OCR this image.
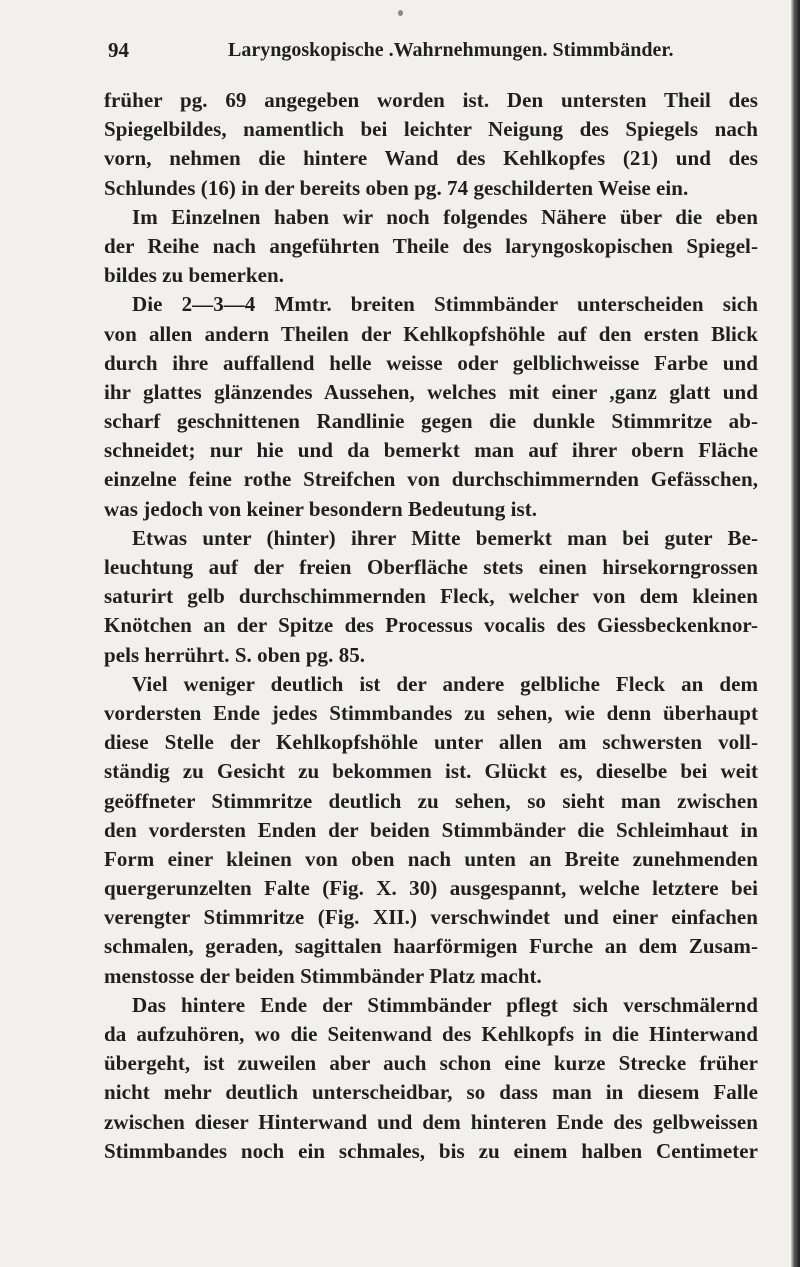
94	Laryngoskopische .Wahrnehmungen. Stimmbänder.
früher pg. 69 angegeben worden ist. Den untersten Theil des
Spiegelbildes, namentlich bei leichter Neigung des Spiegels nach
vorn, nehmen die hintere Wand des Kehlkopfes (21) und des
Schlundes (16) in der bereits oben pg. 74 geschilderten Weise ein.
Im Einzelnen haben wir noch folgendes Nähere über die eben
der Reihe nach angeführten Theile des laryngoskopischen Spiegel-
bildes zu bemerken.
Die 2—3—4 Mmtr. breiten Stimmbänder unterscheiden sich
von allen andern Theilen der Kehlkopfshöhle auf den ersten Blick
durch ihre auffallend helle weisse oder gelblichweisse Farbe und
ihr glattes glänzendes Aussehen, welches mit einer ,ganz glatt und
scharf geschnittenen Randlinie gegen die dunkle Stimmritze ab-
schneidet; nur hie und da bemerkt man auf ihrer obern Fläche
einzelne feine rothe Streifchen von durchschimmernden Gefässchen,
was jedoch von keiner besondern Bedeutung ist.
Etwas unter (hinter) ihrer Mitte bemerkt man bei guter Be-
leuchtung auf der freien Oberfläche stets einen hirsekorngrossen
saturirt gelb durchschimmernden Fleck, welcher von dem kleinen
Knötchen an der Spitze des Processus vocalis des Giessbeckenknor-
pels herrührt. S. oben pg. 85.
Viel weniger deutlich ist der andere gelbliche Fleck an dem
vordersten Ende jedes Stimmbandes zu sehen, wie denn überhaupt
diese Stelle der Kehlkopfshöhle unter allen am schwersten voll-
ständig zu Gesicht zu bekommen ist. Glückt es, dieselbe bei weit
geöffneter Stimmritze deutlich zu sehen, so sieht man zwischen
den vordersten Enden der beiden Stimmbänder die Schleimhaut in
Form einer kleinen von oben nach unten an Breite zunehmenden
quergerunzelten Falte (Fig. X. 30) ausgespannt, welche letztere bei
verengter Stimmritze (Fig. XII.) verschwindet und einer einfachen
schmalen, geraden, sagittalen haarförmigen Furche an dem Zusam-
menstosse der beiden Stimmbänder Platz macht.
Das hintere Ende der Stimmbänder pflegt sich verschmälernd
da aufzuhören, wo die Seitenwand des Kehlkopfs in die Hinterwand
übergeht, ist zuweilen aber auch schon eine kurze Strecke früher
nicht mehr deutlich unterscheidbar, so dass man in diesem Falle
zwischen dieser Hinterwand und dem hinteren Ende des gelbweissen
Stimmbandes noch ein schmales, bis zu einem halben Centimeter
